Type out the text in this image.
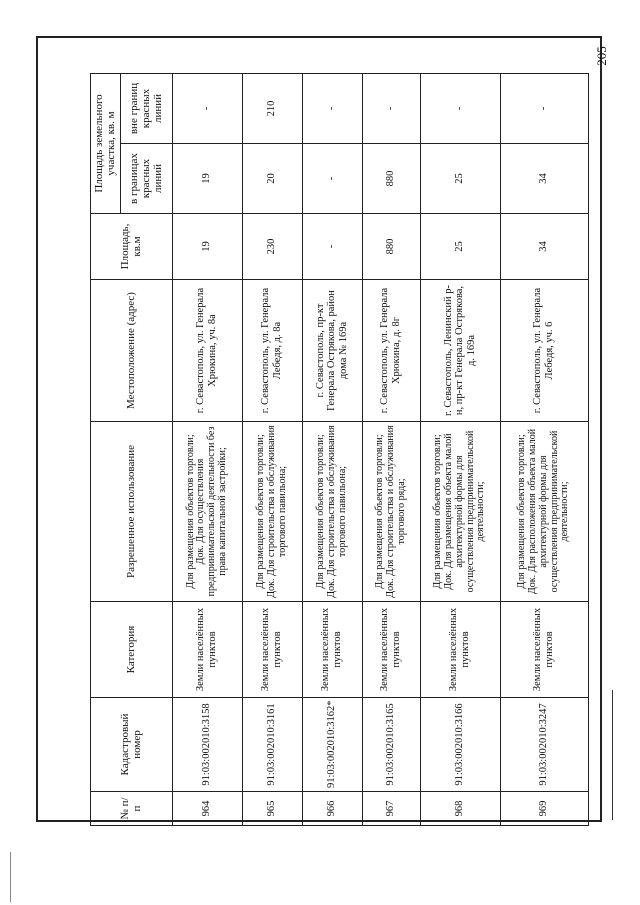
205
№ п/п	Кадастровый номер	Категория	Разрешенное использование	Местоположение (адрес)	Площадь, кв.м	Площадь земельного участка, кв. м	
						в границах красных линий	вне границ красных линий
964	91:03:002010:3158	Земли населённых пунктов	Для размещения объектов торговли; Док. Для осуществления предпринимательской деятельности без права капитальной застройки;	г. Севастополь, ул. Генерала Хрюкина, уч. 8а	19	19	-
965	91:03:002010:3161	Земли населённых пунктов	Для размещения объектов торговли; Док. Для строительства и обслуживания торгового павильона;	г. Севастополь, ул. Генерала Лебедя, д. 8а	230	20	210
966	91:03:002010:3162*	Земли населённых пунктов	Для размещения объектов торговли; Док. Для строительства и обслуживания торгового павильона;	г. Севастополь, пр-кт Генерала Острякова, район дома № 169а	-	-	-
967	91:03:002010:3165	Земли населённых пунктов	Для размещения объектов торговли; Док. Для строительства и обслуживания торгового ряда;	г. Севастополь, ул. Генерала Хрюкина, д. 8г	880	880	-
968	91:03:002010:3166	Земли населённых пунктов	Для размещения объектов торговли; Док. Для размещения объекта малой архитектурной формы для осуществления предпринимательской деятельности;	г. Севастополь, Ленинский р-н, пр-кт Генерала Острякова, д. 169а	25	25	-
969	91:03:002010:3247	Земли населённых пунктов	Для размещения объектов торговли; Док. Для расположения объекта малой архитектурной формы для осуществления предпринимательской деятельности;	г. Севастополь, ул. Генерала Лебедя, уч. 6	34	34	-
